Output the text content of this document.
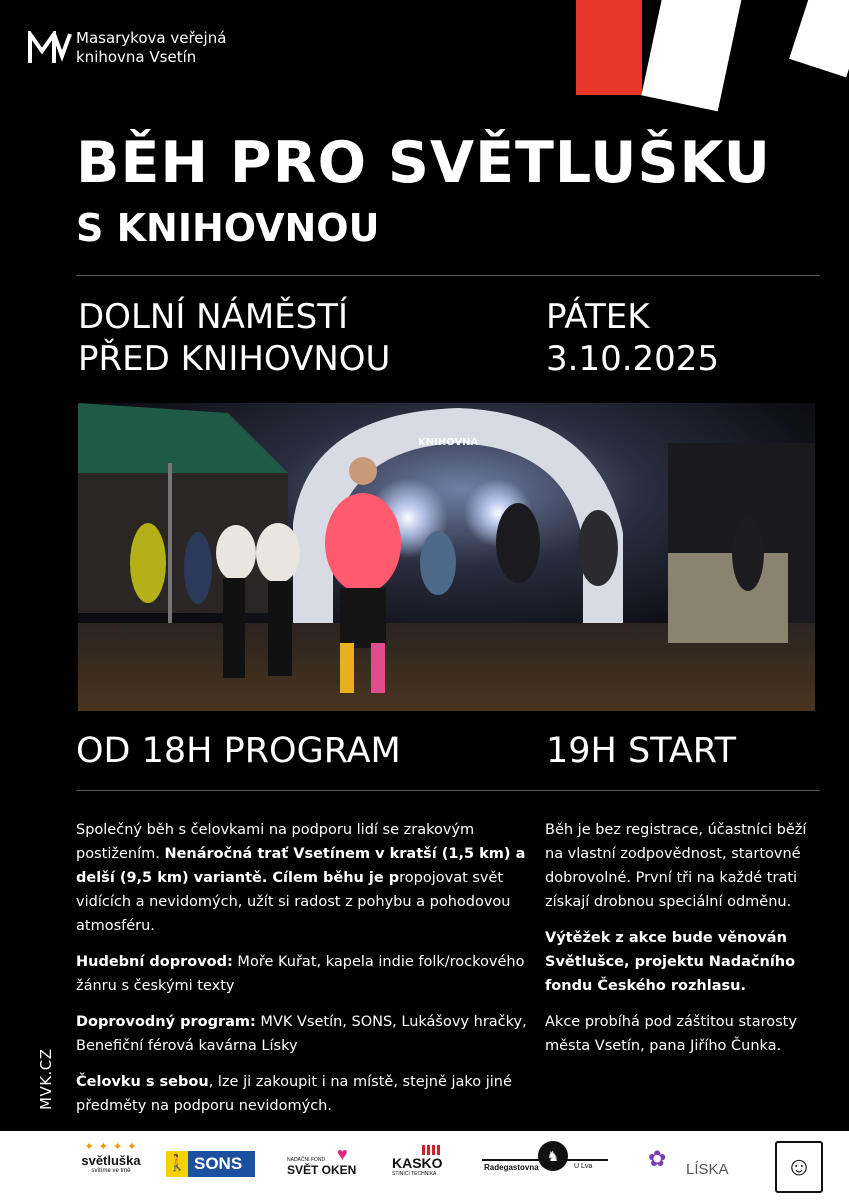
Masarykova veřejná
knihovna Vsetín
BĚH PRO SVĚTLUŠKU
S KNIHOVNOU
DOLNÍ NÁMĚSTÍ
PŘED KNIHOVNOU
PÁTEK
3.10.2025
KNIHOVNA
OD 18H PROGRAM	19H START

Společný běh s čelovkami na podporu lidí se zrakovým postižením. Nenáročná trať Vsetínem v kratší (1,5 km) a delší (9,5 km) variantě. Cílem běhu je propojovat svět vidících a nevidomých, užít si radost z pohybu a pohodovou atmosféru.

Hudební doprovod: Moře Kuřat, kapela indie folk/rockového žánru s českými texty

Doprovodný program: MVK Vsetín, SONS, Lukášovy hračky, Benefiční férová kavárna Lísky

Čelovku s sebou, lze ji zakoupit i na místě, stejně jako jiné předměty na podporu nevidomých.

Běh je bez registrace, účastníci běží na vlastní zodpovědnost, startovné dobrovolné. První tři na každé trati získají drobnou speciální odměnu.

Výtěžek z akce bude věnován Světlušce, projektu Nadačního fondu Českého rozhlasu.

Akce probíhá pod záštitou starosty města Vsetín, pana Jiřího Čunka.

MVK.CZ
✦ ✦ ✦ ✦
světluška
svítíme ve tmě	🚶 SONS	♥
NADAČNÍ FOND
SVĚT OKEN	KASKO
STINICÍ TECHNIKA
Radegastovna
♞
U Lva	✿ LÍSKA	☺
